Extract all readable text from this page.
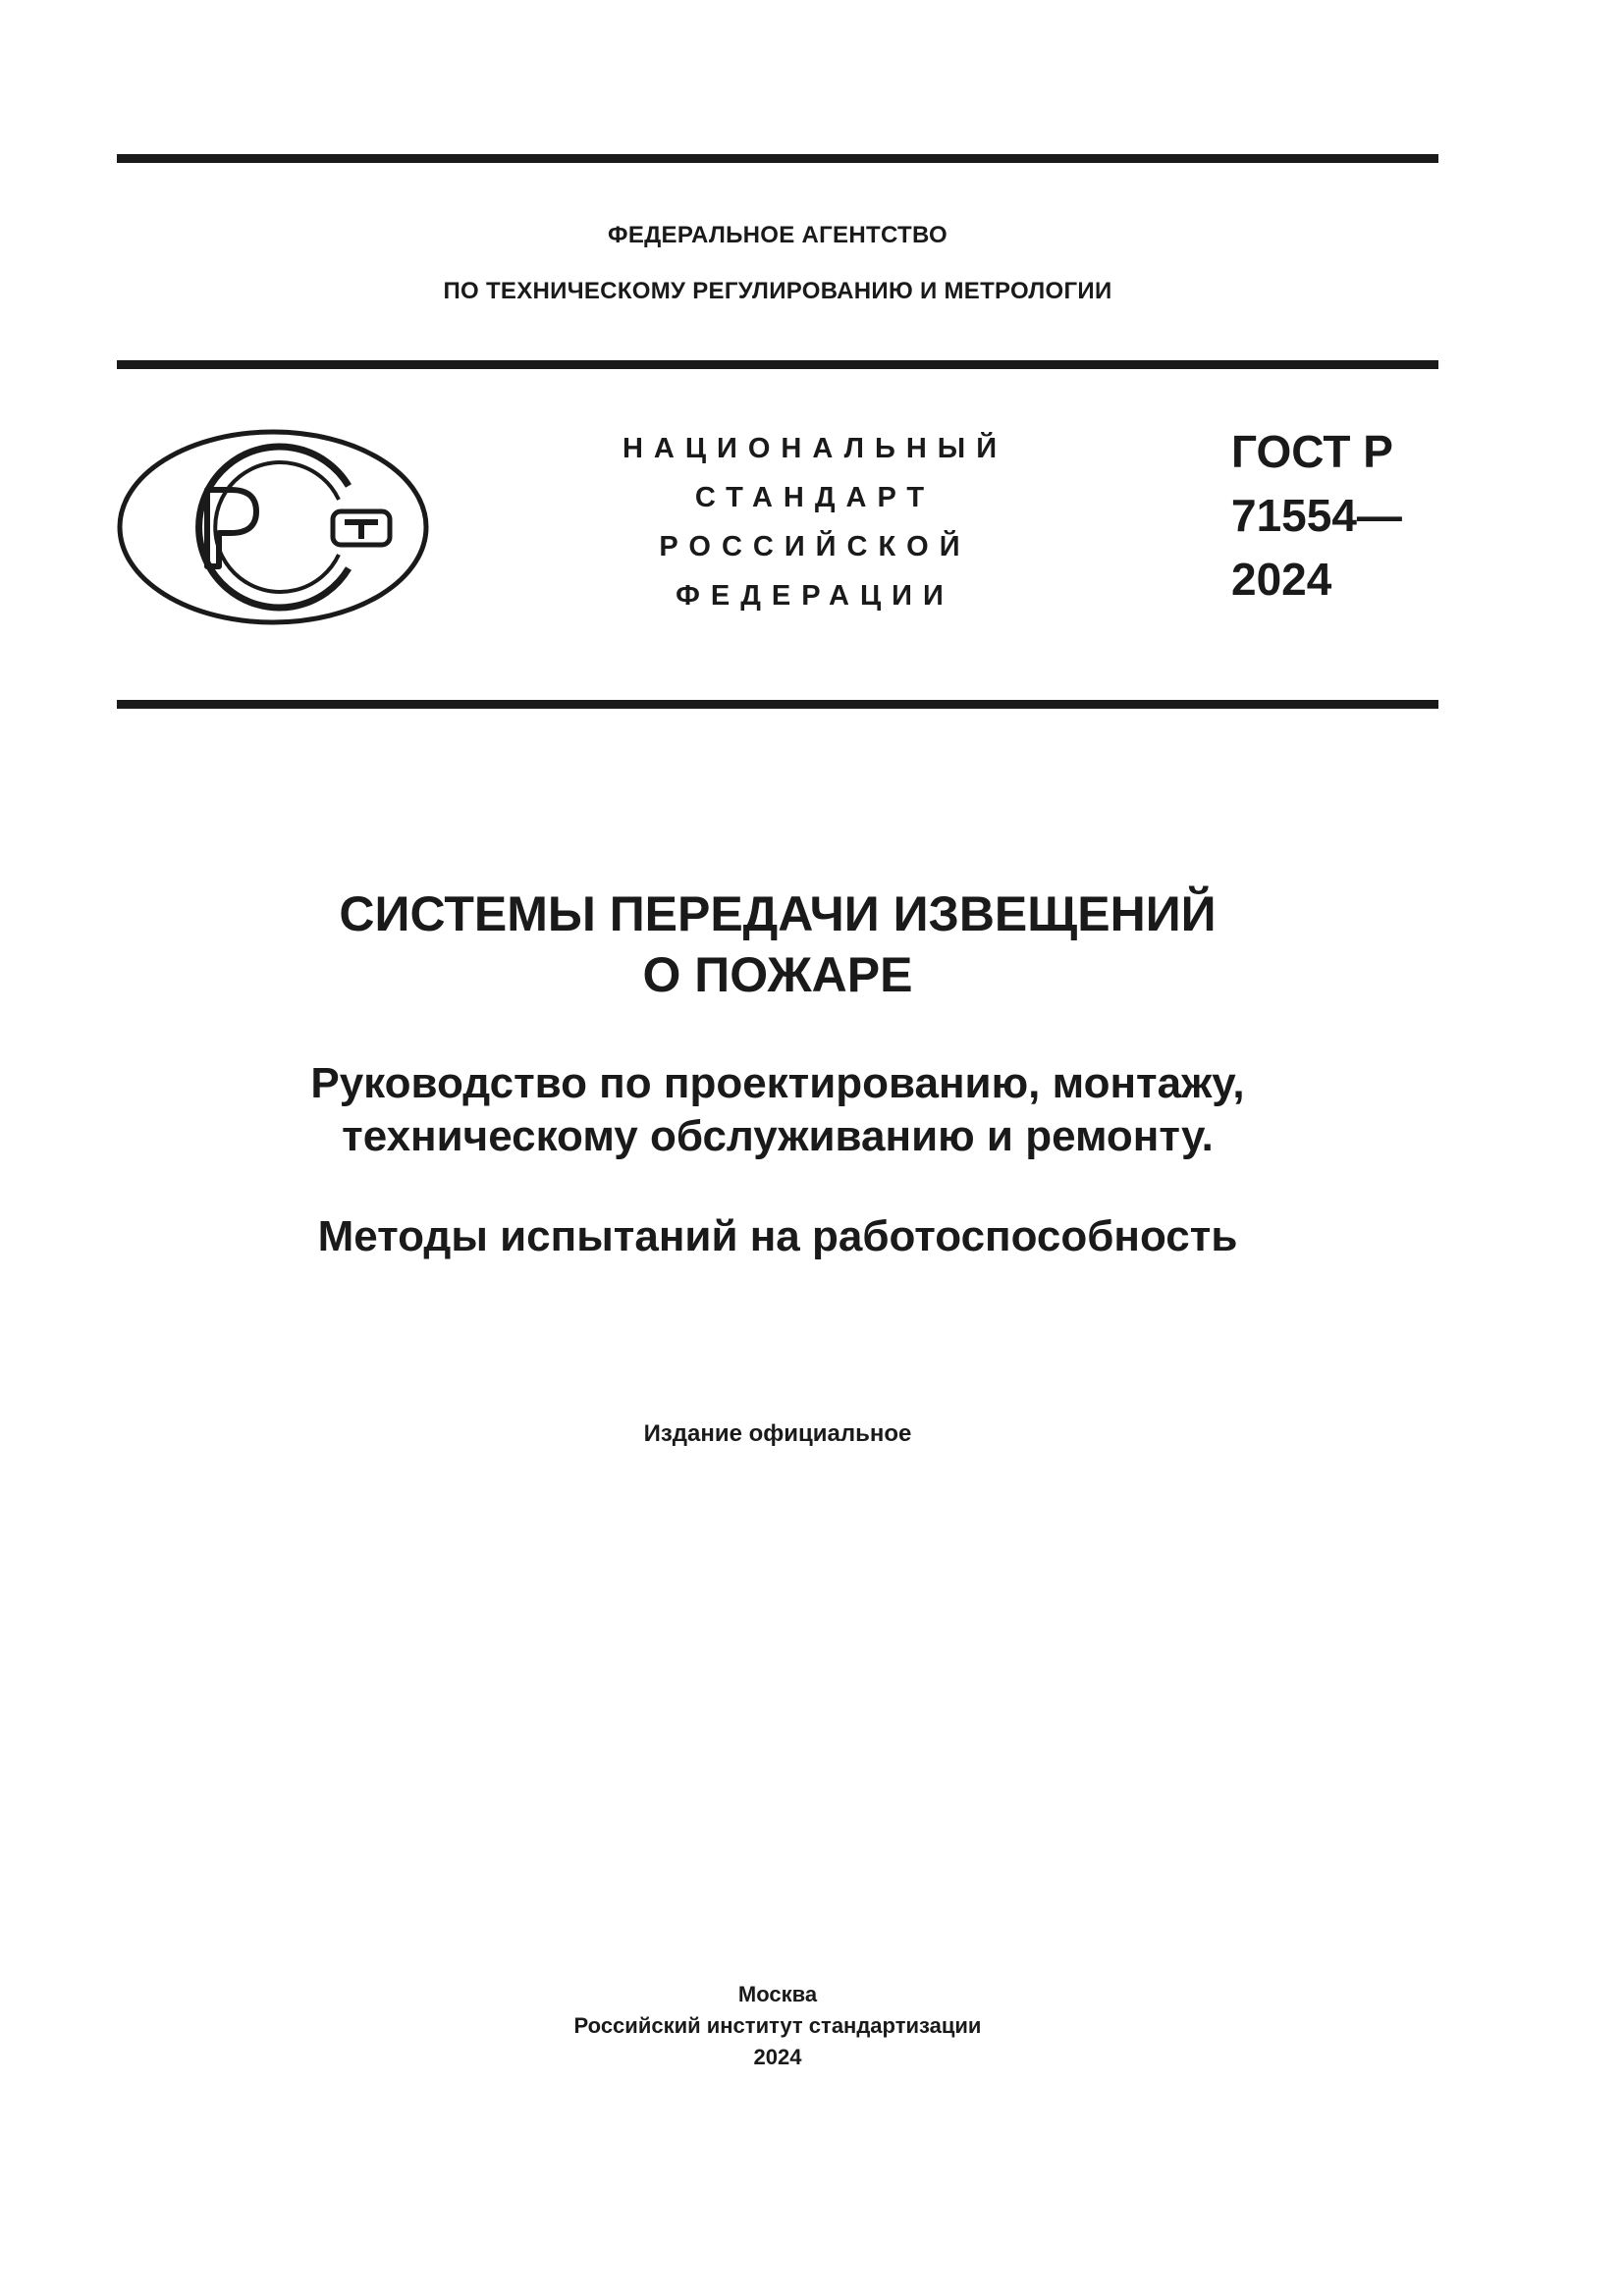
ФЕДЕРАЛЬНОЕ АГЕНТСТВО
ПО ТЕХНИЧЕСКОМУ РЕГУЛИРОВАНИЮ И МЕТРОЛОГИИ
НАЦИОНАЛЬНЫЙ
СТАНДАРТ
РОССИЙСКОЙ
ФЕДЕРАЦИИ
ГОСТ Р
71554—
2024
СИСТЕМЫ ПЕРЕДАЧИ ИЗВЕЩЕНИЙ
О ПОЖАРЕ
Руководство по проектированию, монтажу,
техническому обслуживанию и ремонту.
Методы испытаний на работоспособность
Издание официальное
Москва
Российский институт стандартизации
2024
